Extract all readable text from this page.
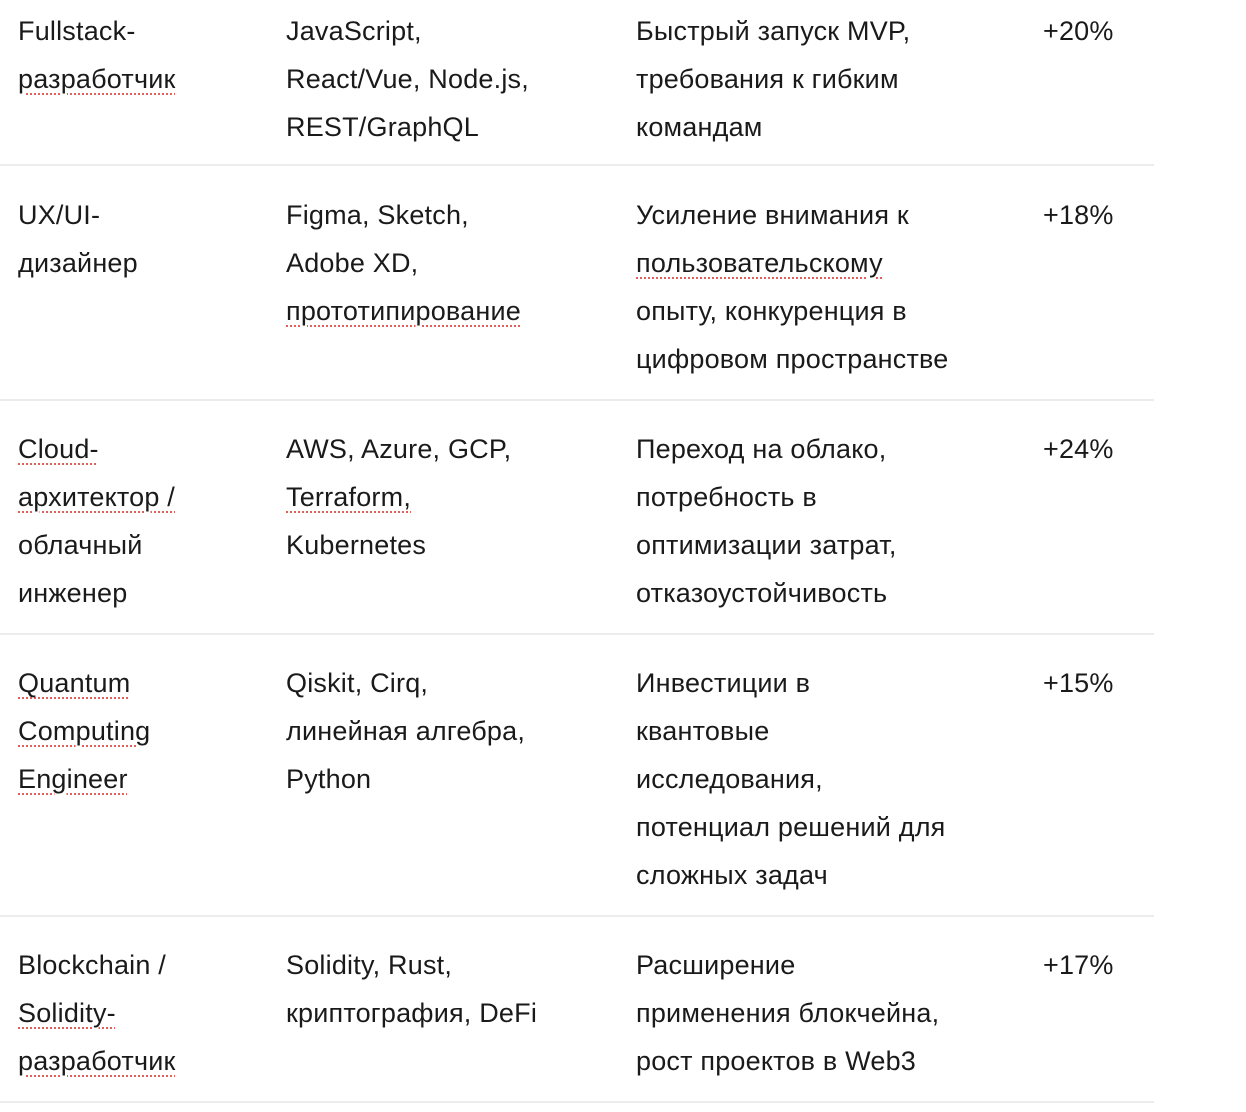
Fullstack-
разработчик
JavaScript,
React/Vue, Node.js,
REST/GraphQL
Быстрый запуск MVP,
требования к гибким
командам
+20%
UX/UI-
дизайнер
Figma, Sketch,
Adobe XD,
прототипирование
Усиление внимания к
пользовательскому
опыту, конкуренция в
цифровом пространстве
+18%
Cloud-
архитектор /
облачный
инженер
AWS, Azure, GCP,
Terraform,
Kubernetes
Переход на облако,
потребность в
оптимизации затрат,
отказоустойчивость
+24%
Quantum
Computing
Engineer
Qiskit, Cirq,
линейная алгебра,
Python
Инвестиции в
квантовые
исследования,
потенциал решений для
сложных задач
+15%
Blockchain /
Solidity-
разработчик
Solidity, Rust,
криптография, DeFi
Расширение
применения блокчейна,
рост проектов в Web3
+17%
